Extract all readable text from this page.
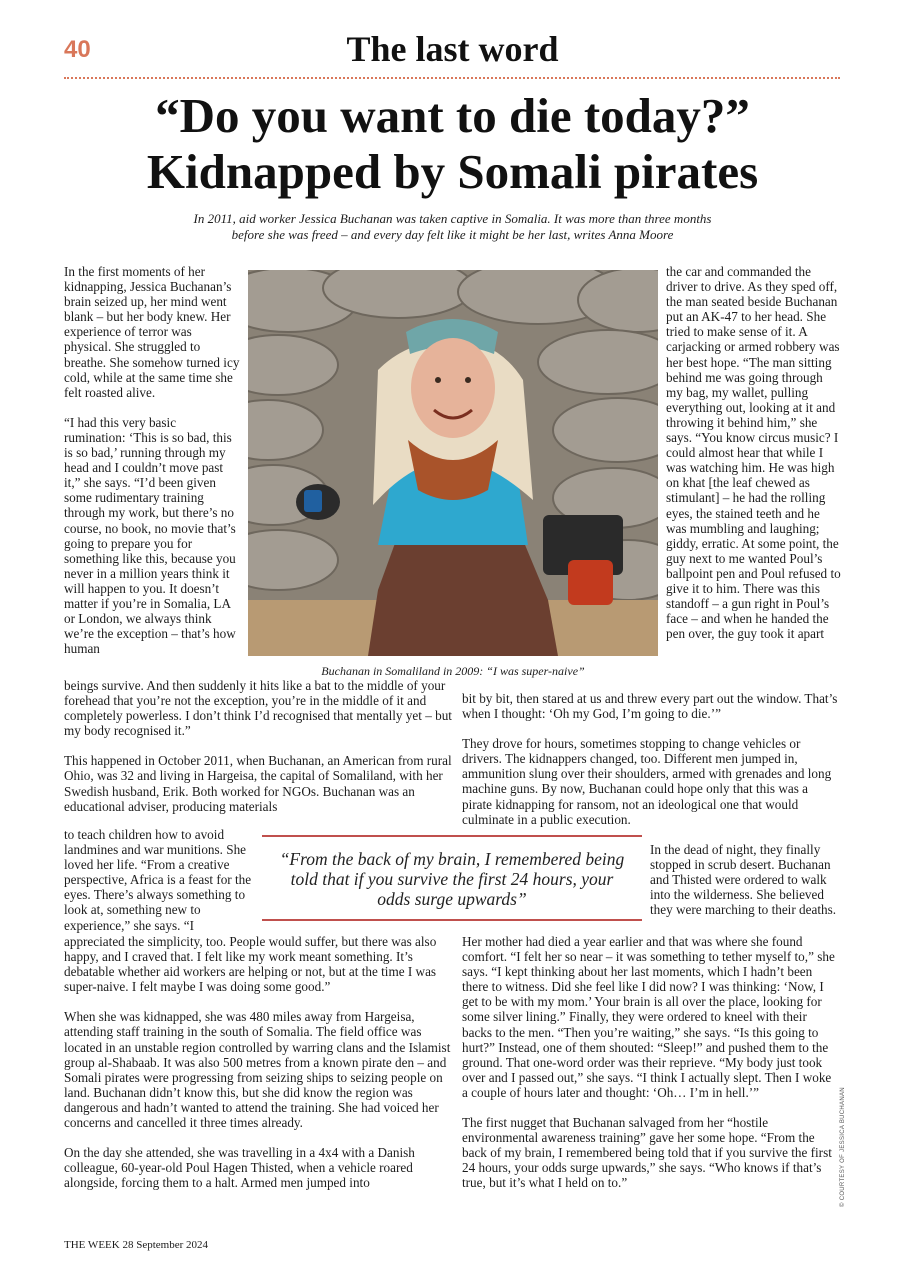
40	The last word
“Do you want to die today?”
Kidnapped by Somali pirates
In 2011, aid worker Jessica Buchanan was taken captive in Somalia. It was more than three months
before she was freed – and every day felt like it might be her last, writes Anna Moore

In the first moments of her kidnapping, Jessica Buchanan’s brain seized up, her mind went blank – but her body knew. Her experience of terror was physical. She struggled to breathe. She somehow turned icy cold, while at the same time she felt roasted alive.

“I had this very basic rumination: ‘This is so bad, this is so bad,’ running through my head and I couldn’t move past it,” she says. “I’d been given some rudimentary training through my work, but there’s no course, no book, no movie that’s going to prepare you for something like this, because you never in a million years think it will happen to you. It doesn’t matter if you’re in Somalia, LA or London, we always think we’re the exception – that’s how human

Buchanan in Somaliland in 2009: “I was super-naive”

the car and commanded the driver to drive. As they sped off, the man seated beside Buchanan put an AK-47 to her head. She tried to make sense of it. A carjacking or armed robbery was her best hope. “The man sitting behind me was going through my bag, my wallet, pulling everything out, looking at it and throwing it behind him,” she says. “You know circus music? I could almost hear that while I was watching him. He was high on khat [the leaf chewed as stimulant] – he had the rolling eyes, the stained teeth and he was mumbling and laughing; giddy, erratic. At some point, the guy next to me wanted Poul’s ballpoint pen and Poul refused to give it to him. There was this standoff – a gun right in Poul’s face – and when he handed the pen over, the guy took it apart

beings survive. And then suddenly it hits like a bat to the middle of your forehead that you’re not the exception, you’re in the middle of it and completely powerless. I don’t think I’d recognised that mentally yet – but my body recognised it.”

This happened in October 2011, when Buchanan, an American from rural Ohio, was 32 and living in Hargeisa, the capital of Somaliland, with her Swedish husband, Erik. Both worked for NGOs. Buchanan was an educational adviser, producing materials

to teach children how to avoid landmines and war munitions. She loved her life. “From a creative perspective, Africa is a feast for the eyes. There’s always something to look at, something new to experience,” she says. “I

appreciated the simplicity, too. People would suffer, but there was also happy, and I craved that. I felt like my work meant something. It’s debatable whether aid workers are helping or not, but at the time I was super-naive. I felt maybe I was doing some good.”

When she was kidnapped, she was 480 miles away from Hargeisa, attending staff training in the south of Somalia. The field office was located in an unstable region controlled by warring clans and the Islamist group al-Shabaab. It was also 500 metres from a known pirate den – and Somali pirates were progressing from seizing ships to seizing people on land. Buchanan didn’t know this, but she did know the region was dangerous and hadn’t wanted to attend the training. She had voiced her concerns and cancelled it three times already.

On the day she attended, she was travelling in a 4x4 with a Danish colleague, 60-year-old Poul Hagen Thisted, when a vehicle roared alongside, forcing them to a halt. Armed men jumped into

bit by bit, then stared at us and threw every part out the window. That’s when I thought: ‘Oh my God, I’m going to die.’”

They drove for hours, sometimes stopping to change vehicles or drivers. The kidnappers changed, too. Different men jumped in, ammunition slung over their shoulders, armed with grenades and long machine guns. By now, Buchanan could hope only that this was a pirate kidnapping for ransom, not an ideological one that would culminate in a public execution.

In the dead of night, they finally stopped in scrub desert. Buchanan and Thisted were ordered to walk into the wilderness. She believed they were marching to their deaths.

Her mother had died a year earlier and that was where she found comfort. “I felt her so near – it was something to tether myself to,” she says. “I kept thinking about her last moments, which I hadn’t been there to witness. Did she feel like I did now? I was thinking: ‘Now, I get to be with my mom.’ Your brain is all over the place, looking for some silver lining.” Finally, they were ordered to kneel with their backs to the men. “Then you’re waiting,” she says. “Is this going to hurt?” Instead, one of them shouted: “Sleep!” and pushed them to the ground. That one-word order was their reprieve. “My body just took over and I passed out,” she says. “I think I actually slept. Then I woke a couple of hours later and thought: ‘Oh… I’m in hell.’”

The first nugget that Buchanan salvaged from her “hostile environmental awareness training” gave her some hope. “From the back of my brain, I remembered being told that if you survive the first 24 hours, your odds surge upwards,” she says. “Who knows if that’s true, but it’s what I held on to.”

“From the back of my brain, I remembered being told that if you survive the first 24 hours, your odds surge upwards”
THE WEEK 28 September 2024
© COURTESY OF JESSICA BUCHANAN
